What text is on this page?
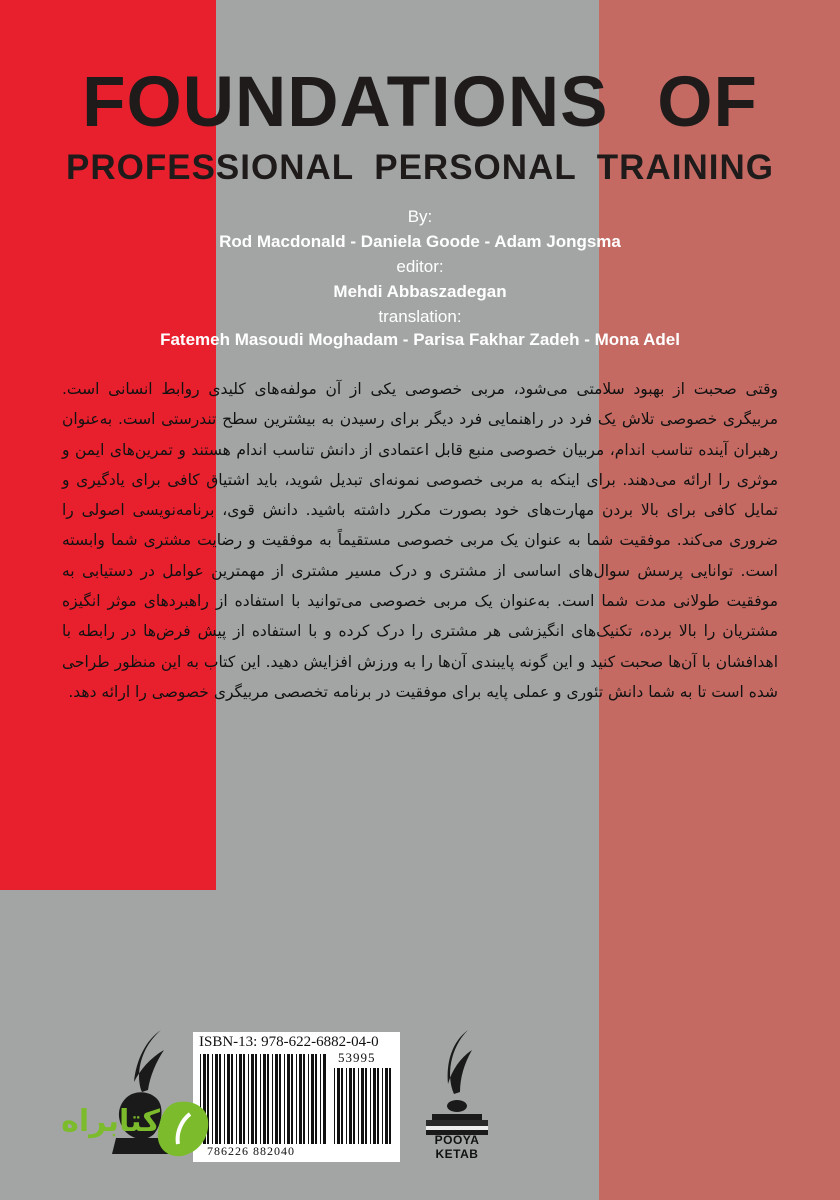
FOUNDATIONS OF
PROFESSIONAL PERSONAL TRAINING
By:
Rod Macdonald - Daniela Goode - Adam Jongsma
editor:
Mehdi Abbaszadegan
translation:
Fatemeh Masoudi Moghadam - Parisa Fakhar Zadeh - Mona Adel
وقتی صحبت از بهبود سلامتی می‌شود، مربی خصوصی یکی از آن مولفه‌های کلیدی روابط انسانی است. مربیگری خصوصی تلاش یک فرد در راهنمایی فرد دیگر برای رسیدن به بیشترین سطح تندرستی است. به‌عنوان رهبران آینده تناسب اندام، مربیان خصوصی منبع قابل اعتمادی از دانش تناسب اندام هستند و تمرین‌های ایمن و موثری را ارائه می‌دهند. برای اینکه به مربی خصوصی نمونه‌ای تبدیل شوید، باید اشتیاق کافی برای یادگیری و تمایل کافی برای بالا بردن مهارت‌های خود بصورت مکرر داشته باشید. دانش قوی، برنامه‌نویسی اصولی را ضروری می‌کند. موفقیت شما به عنوان یک مربی خصوصی مستقیماً به موفقیت و رضایت مشتری شما وابسته است. توانایی پرسش سوال‌های اساسی از مشتری و درک مسیر مشتری از مهمترین عوامل در دستیابی به موفقیت طولانی مدت شما است. به‌عنوان یک مربی خصوصی می‌توانید با استفاده از راهبردهای موثر انگیزه مشتریان را بالا برده، تکنیک‌های انگیزشی هر مشتری را درک کرده و با استفاده از پیش فرض‌ها در رابطه با اهدافشان با آن‌ها صحبت کنید و این گونه پایبندی آن‌ها را به ورزش افزایش دهید. این کتاب به این منظور طراحی شده است تا به شما دانش تئوری و عملی پایه برای موفقیت در برنامه تخصصی مربیگری خصوصی را ارائه دهد.
ISBN-13: 978-622-6882-04-0
53995
786226 882040
POOYA KETAB
کتابراه
